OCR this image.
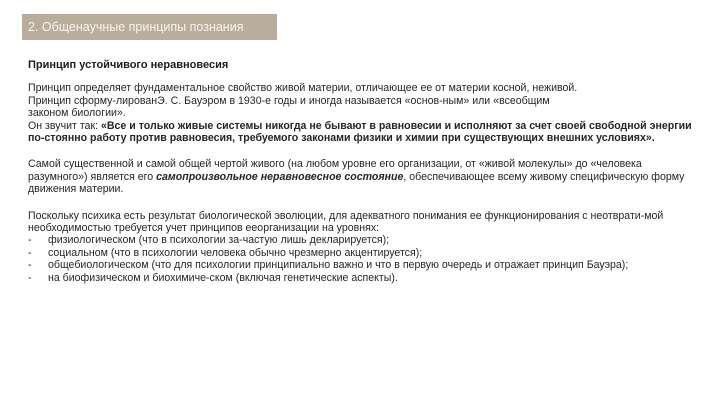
2. Общенаучные принципы познания
Принцип устойчивого неравновесия
Принцип определяет фундаментальное свойство живой материи, отличающее ее от материи косной, неживой.
Принцип сформу-лированЭ. С. Бауэром в 1930-е годы и иногда называется «основ-ным» или «всеобщим
законом биологии».
Он звучит так: «Все и только живые системы никогда не бывают в равновесии и исполняют за счет своей свободной энергии по-стоянно работу против равновесия, требуемого законами физики и химии при существующих внешних условиях».
Самой существенной и самой общей чертой живого (на любом уровне его организации, от «живой молекулы» до «человека разумного») является его самопроизвольное неравновесное состояние, обеспечивающее всему живому специфическую форму движения материи.
Поскольку психика есть результат биологической эволюции, для адекватного понимания ее функционирования с неотврати-мой необходимостью требуется учет принципов ееорганизации на уровнях:
- физиологическом (что в психологии за-частую лишь декларируется);
- социальном (что в психологии человека обычно чрезмерно акцентируется);
- общебиологическом (что для психологии принципиально важно и что в первую очередь и отражает принцип Бауэра);
- на биофизическом и биохимиче-ском (включая генетические аспекты).
